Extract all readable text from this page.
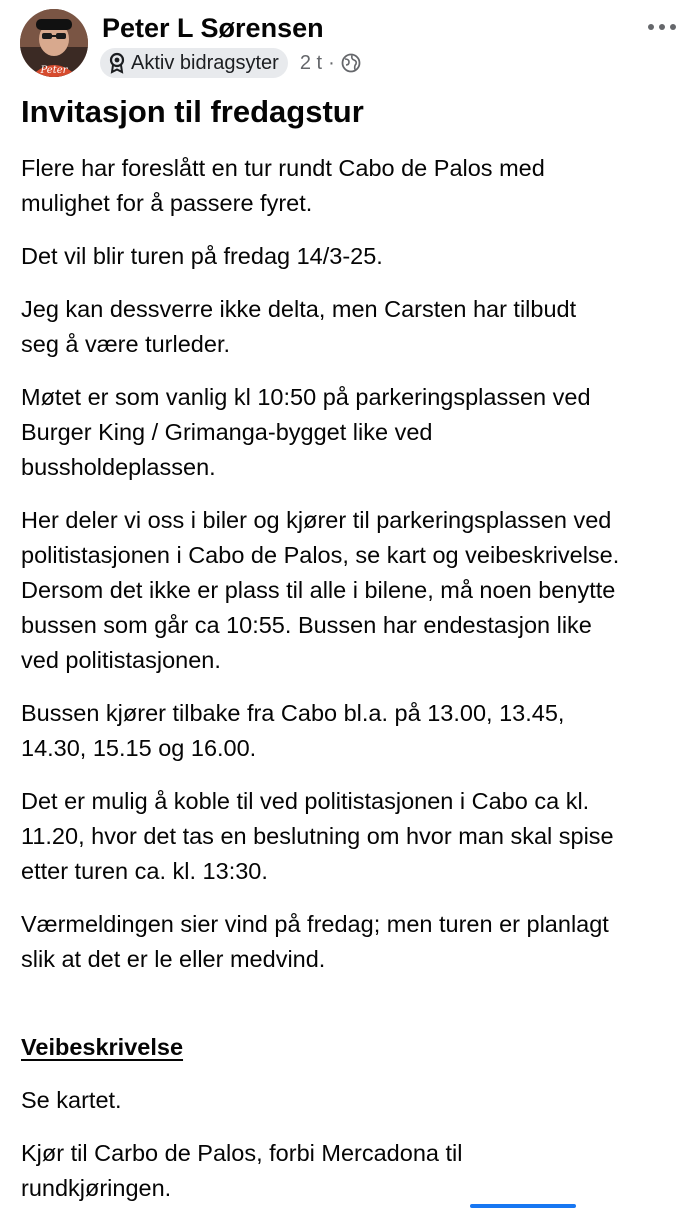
Peter
Peter L Sørensen
Aktiv bidragsyter 2 t ·
Invitasjon til fredagstur

Flere har foreslått en tur rundt Cabo de Palos med
mulighet for å passere fyret.

Det vil blir turen på fredag 14/3-25.

Jeg kan dessverre ikke delta, men Carsten har tilbudt
seg å være turleder.

Møtet er som vanlig kl 10:50 på parkeringsplassen ved
Burger King / Grimanga-bygget like ved
bussholdeplassen.

Her deler vi oss i biler og kjører til parkeringsplassen ved
politistasjonen i Cabo de Palos, se kart og veibeskrivelse.
Dersom det ikke er plass til alle i bilene, må noen benytte
bussen som går ca 10:55. Bussen har endestasjon like
ved politistasjonen.

Bussen kjører tilbake fra Cabo bl.a. på 13.00, 13.45,
14.30, 15.15 og 16.00.

Det er mulig å koble til ved politistasjonen i Cabo ca kl.
11.20, hvor det tas en beslutning om hvor man skal spise
etter turen ca. kl. 13:30.

Værmeldingen sier vind på fredag; men turen er planlagt
slik at det er le eller medvind.

Veibeskrivelse

Se kartet.

Kjør til Carbo de Palos, forbi Mercadona til
rundkjøringen.
